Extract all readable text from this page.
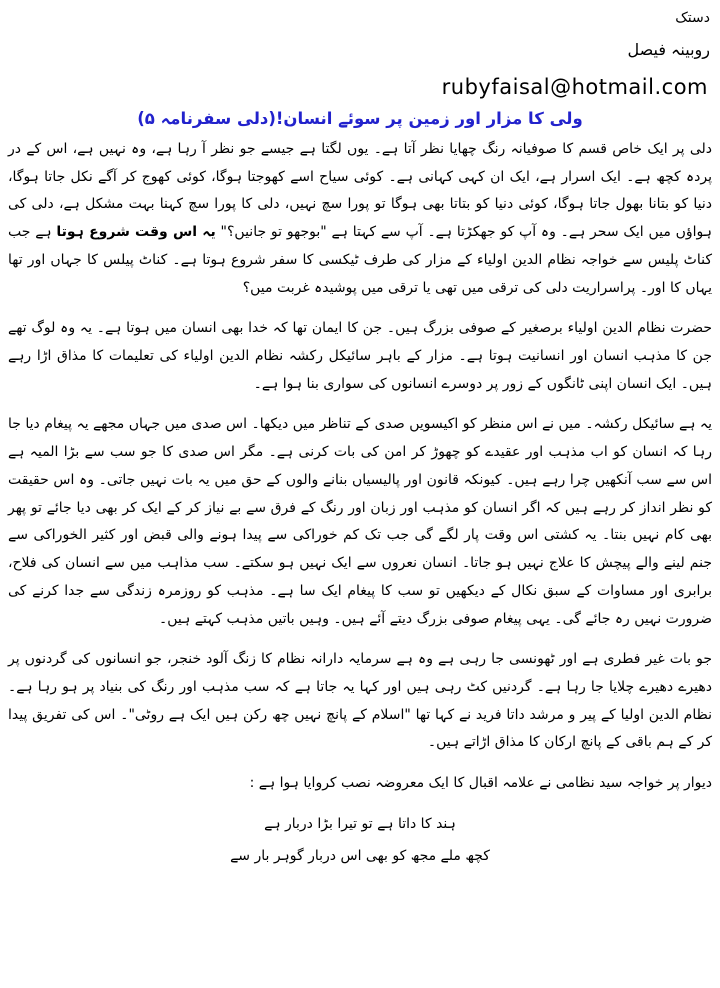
دستک
روبینہ فیصل
rubyfaisal@hotmail.com
ولی کا مزار اور زمین پر سوئے انسان!(دلی سفرنامہ ۵)

دلی پر ایک خاص قسم کا صوفیانہ رنگ چھایا نظر آتا ہے۔ یوں لگتا ہے جیسے جو نظر آ رہا ہے، وہ نہیں ہے، اس کے در پردہ کچھ ہے۔ ایک اسرار ہے، ایک ان کہی کہانی ہے۔ کوئی سیاح اسے کھوجتا ہوگا، کوئی کھوج کر آگے نکل جاتا ہوگا، دنیا کو بتانا بھول جاتا ہوگا، کوئی دنیا کو بتاتا بھی ہوگا تو پورا سچ نہیں، دلی کا پورا سچ کہنا بہت مشکل ہے، دلی کی ہواؤں میں ایک سحر ہے۔ وہ آپ کو جھکڑتا ہے۔ آپ سے کہتا ہے "بوجھو تو جانیں؟" یہ اس وقت شروع ہوتا ہے جب کناٹ پلیس سے خواجہ نظام الدین اولیاء کے مزار کی طرف ٹیکسی کا سفر شروع ہوتا ہے۔ کناٹ پیلس کا جہاں اور تھا یہاں کا اور۔ پراسراریت دلی کی ترقی میں تھی یا ترقی میں پوشیدہ غربت میں؟

حضرت نظام الدین اولیاء برصغیر کے صوفی بزرگ ہیں۔ جن کا ایمان تھا کہ خدا بھی انسان میں ہوتا ہے۔ یہ وہ لوگ تھے جن کا مذہب انسان اور انسانیت ہوتا ہے۔ مزار کے باہر سائیکل رکشہ نظام الدین اولیاء کی تعلیمات کا مذاق اڑا رہے ہیں۔ ایک انسان اپنی ٹانگوں کے زور پر دوسرے انسانوں کی سواری بنا ہوا ہے۔

یہ ہے سائیکل رکشہ۔ میں نے اس منظر کو اکیسویں صدی کے تناظر میں دیکھا۔ اس صدی میں جہاں مجھے یہ پیغام دیا جا رہا کہ انسان کو اب مذہب اور عقیدے کو چھوڑ کر امن کی بات کرنی ہے۔ مگر اس صدی کا جو سب سے بڑا المیہ ہے اس سے سب آنکھیں چرا رہے ہیں۔ کیونکہ قانون اور پالیسیاں بنانے والوں کے حق میں یہ بات نہیں جاتی۔ وہ اس حقیقت کو نظر انداز کر رہے ہیں کہ اگر انسان کو مذہب اور زبان اور رنگ کے فرق سے بے نیاز کر کے ایک کر بھی دیا جائے تو پھر بھی کام نہیں بنتا۔ یہ کشتی اس وقت پار لگے گی جب تک کم خوراکی سے پیدا ہونے والی قبض اور کثیر الخوراکی سے جنم لینے والے پیچش کا علاج نہیں ہو جاتا۔ انسان نعروں سے ایک نہیں ہو سکتے۔ سب مذاہب میں سے انسان کی فلاح، برابری اور مساوات کے سبق نکال کے دیکھیں تو سب کا پیغام ایک سا ہے۔ مذہب کو روزمرہ زندگی سے جدا کرنے کی ضرورت نہیں رہ جائے گی۔ یہی پیغام صوفی بزرگ دیتے آئے ہیں۔ وہیں باتیں مذہب کہتے ہیں۔

جو بات غیر فطری ہے اور ٹھونسی جا رہی ہے وہ ہے سرمایہ دارانہ نظام کا زنگ آلود خنجر، جو انسانوں کی گردنوں پر دھیرے دھیرے چلایا جا رہا ہے۔ گردنیں کٹ رہی ہیں اور کہا یہ جاتا ہے کہ سب مذہب اور رنگ کی بنیاد پر ہو رہا ہے۔ نظام الدین اولیا کے پیر و مرشد داتا فرید نے کہا تھا "اسلام کے پانچ نہیں چھ رکن ہیں ایک ہے روٹی"۔ اس کی تفریق پیدا کر کے ہم باقی کے پانچ ارکان کا مذاق اڑاتے ہیں۔

دیوار پر خواجہ سید نظامی نے علامہ اقبال کا ایک معروضہ نصب کروایا ہوا ہے :

ہند کا داتا ہے تو تیرا بڑا دربار ہے

کچھ ملے مجھ کو بھی اس دربار گوہر بار سے
